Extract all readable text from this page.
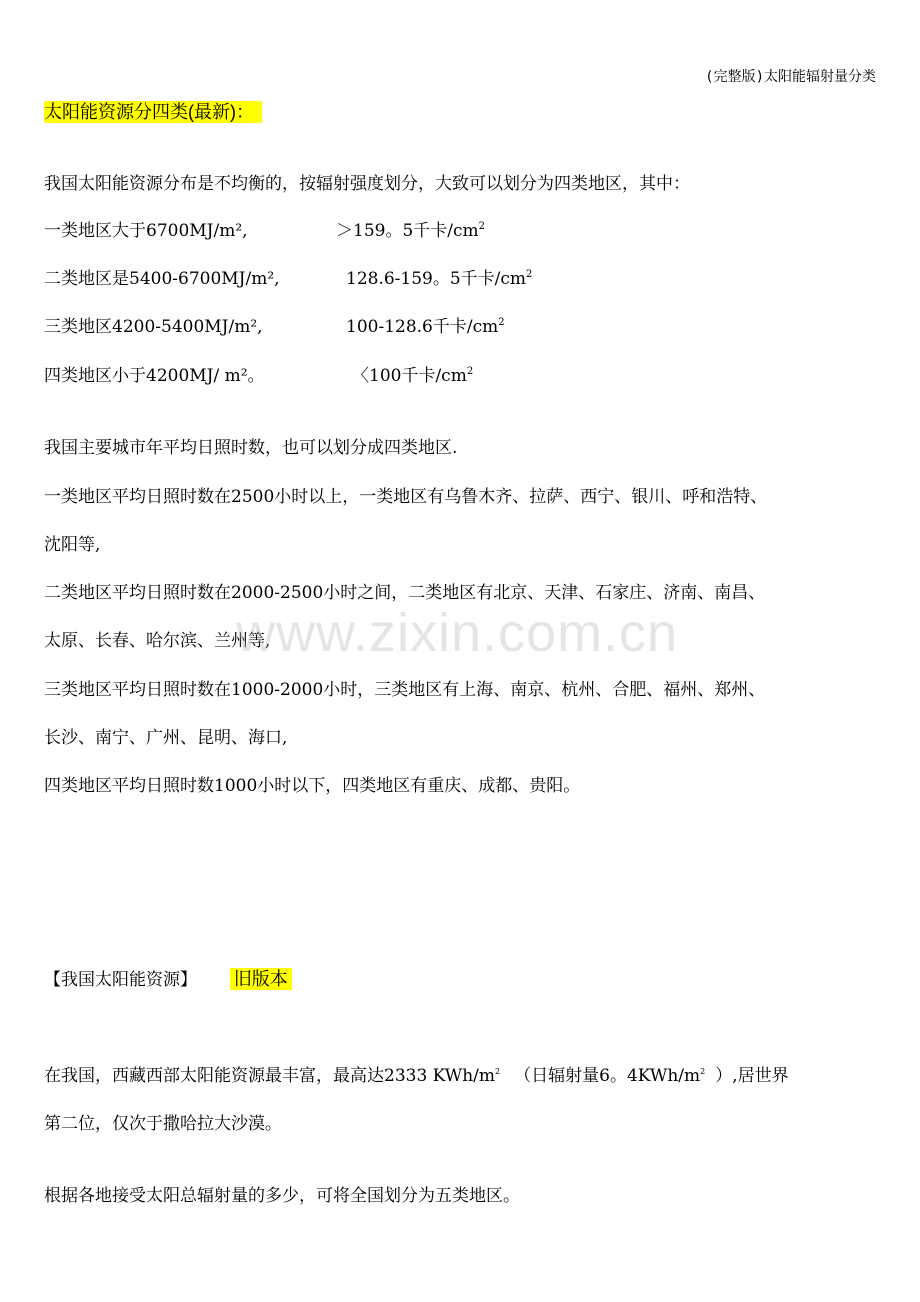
(完整版)太阳能辐射量分类
太阳能资源分四类(最新)：
我国太阳能资源分布是不均衡的，按辐射强度划分，大致可以划分为四类地区，其中：
一类地区大于6700MJ/m²,	＞159。5千卡$/cm^2$
二类地区是5400-6700MJ/m²,	128.6-159。5千卡$/cm^2$
三类地区4200-5400MJ/m²,	100-128.6千卡$/cm^2$
四类地区小于4200MJ/ m²。	〈100千卡$/cm^2$
我国主要城市年平均日照时数，也可以划分成四类地区.
一类地区平均日照时数在2500小时以上，一类地区有乌鲁木齐、拉萨、西宁、银川、呼和浩特、
沈阳等,
二类地区平均日照时数在2000-2500小时之间，二类地区有北京、天津、石家庄、济南、南昌、
太原、长春、哈尔滨、兰州等,
三类地区平均日照时数在1000-2000小时，三类地区有上海、南京、杭州、合肥、福州、郑州、
长沙、南宁、广州、昆明、海口,
四类地区平均日照时数1000小时以下，四类地区有重庆、成都、贵阳。
【我国太阳能资源】 旧版本
在我国，西藏西部太阳能资源最丰富，最高达2333 KWh/$m^2$ （日辐射量6。$4KWh/m^2$ ）,居世界
第二位，仅次于撒哈拉大沙漠。
根据各地接受太阳总辐射量的多少，可将全国划分为五类地区。
www.zixin.com.cn
